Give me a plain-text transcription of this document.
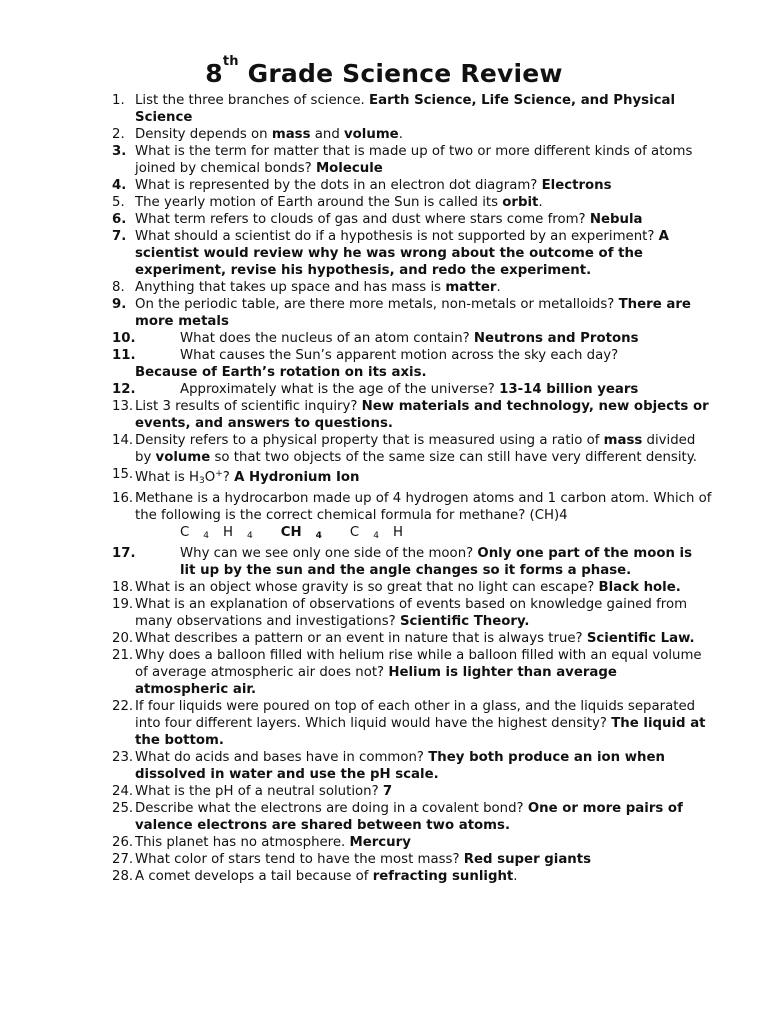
8th Grade Science Review
1. List the three branches of science. Earth Science, Life Science, and Physical Science
2. Density depends on mass and volume.
3. What is the term for matter that is made up of two or more different kinds of atoms joined by chemical bonds? Molecule
4. What is represented by the dots in an electron dot diagram? Electrons
5. The yearly motion of Earth around the Sun is called its orbit.
6. What term refers to clouds of gas and dust where stars come from? Nebula
7. What should a scientist do if a hypothesis is not supported by an experiment? A scientist would review why he was wrong about the outcome of the experiment, revise his hypothesis, and redo the experiment.
8. Anything that takes up space and has mass is matter.
9. On the periodic table, are there more metals, non-metals or metalloids? There are more metals
10.	What does the nucleus of an atom contain? Neutrons and Protons
11.	What causes the Sun’s apparent motion across the sky each day?
Because of Earth’s rotation on its axis.
12.	Approximately what is the age of the universe? 13-14 billion years
13. List 3 results of scientific inquiry? New materials and technology, new objects or events, and answers to questions.
14. Density refers to a physical property that is measured using a ratio of mass divided by volume so that two objects of the same size can still have very different density.
15. What is $H_3O^+$? A Hydronium Ion
16. Methane is a hydrocarbon made up of 4 hydrogen atoms and 1 carbon atom. Which of the following is the correct chemical formula for methane? (CH)4
C $_4$ H $_4$ CH $_4$ C $_4$ H
17.	Why can we see only one side of the moon? Only one part of the moon is lit up by the sun and the angle changes so it forms a phase.
18. What is an object whose gravity is so great that no light can escape? Black hole.
19. What is an explanation of observations of events based on knowledge gained from many observations and investigations? Scientific Theory.
20. What describes a pattern or an event in nature that is always true? Scientific Law.
21. Why does a balloon filled with helium rise while a balloon filled with an equal volume of average atmospheric air does not? Helium is lighter than average atmospheric air.
22. If four liquids were poured on top of each other in a glass, and the liquids separated into four different layers. Which liquid would have the highest density? The liquid at the bottom.
23. What do acids and bases have in common? They both produce an ion when dissolved in water and use the pH scale.
24. What is the pH of a neutral solution? 7
25. Describe what the electrons are doing in a covalent bond? One or more pairs of valence electrons are shared between two atoms.
26. This planet has no atmosphere. Mercury
27. What color of stars tend to have the most mass? Red super giants
28. A comet develops a tail because of refracting sunlight.
